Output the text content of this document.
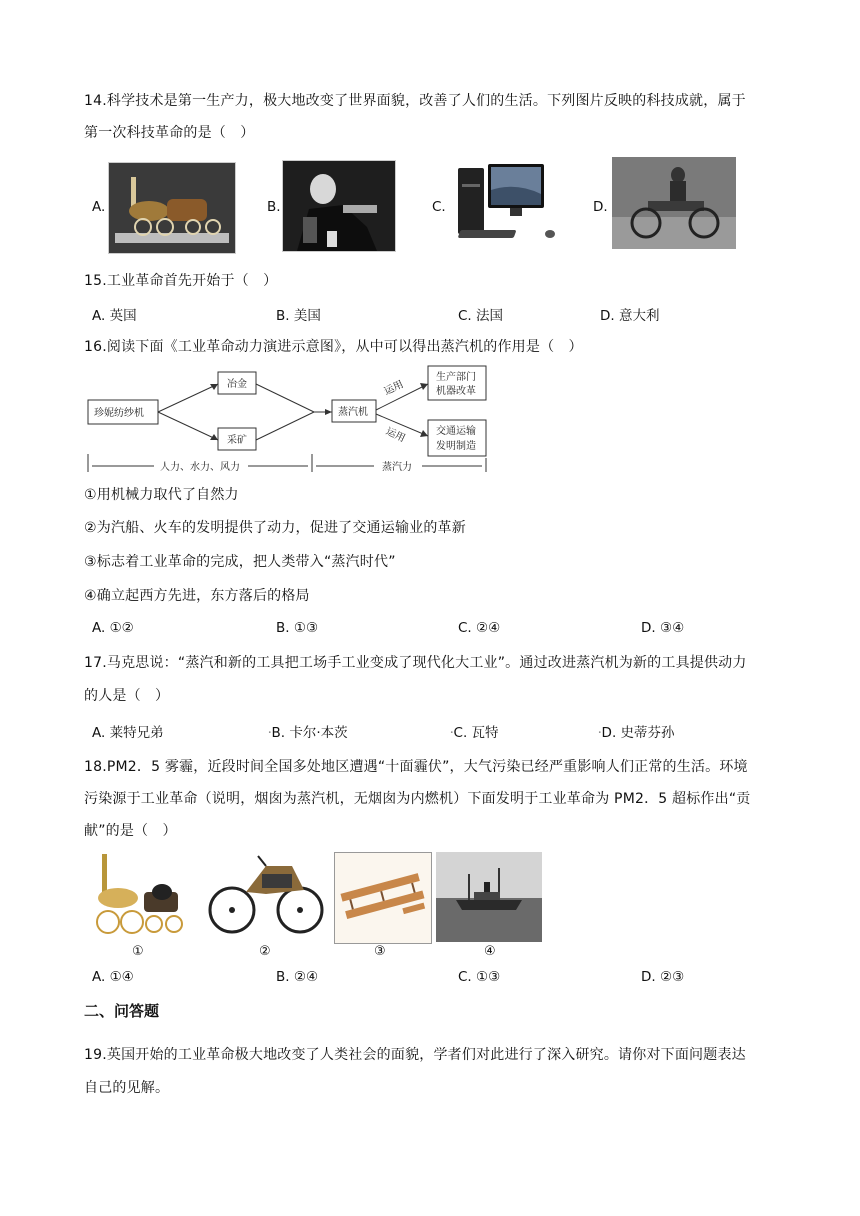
14.科学技术是第一生产力，极大地改变了世界面貌，改善了人们的生活。下列图片反映的科技成就，属于
第一次科技革命的是（　）
A.	B.	C.	D.
15.工业革命首先开始于（　）
A. 英国	B. 美国	C. 法国	D. 意大利
16.阅读下面《工业革命动力演进示意图》，从中可以得出蒸汽机的作用是（　）
珍妮纺纱机
冶金
采矿
蒸汽机
生产部门
机器改革
交通运输
发明制造
运用
运用
人力、水力、风力	蒸汽力
①用机械力取代了自然力
②为汽船、火车的发明提供了动力，促进了交通运输业的革新
③标志着工业革命的完成，把人类带入“蒸汽时代”
④确立起西方先进，东方落后的格局
A. ①②	B. ①③	C. ②④	D. ③④
17.马克思说：“蒸汽和新的工具把工场手工业变成了现代化大工业”。通过改进蒸汽机为新的工具提供动力
的人是（　）
A. 莱特兄弟	•B. 卡尔·本茨	•C. 瓦特	•D. 史蒂芬孙
18.PM2．5 雾霾，近段时间全国多处地区遭遇“十面霾伏”，大气污染已经严重影响人们正常的生活。环境
污染源于工业革命（说明，烟囱为蒸汽机，无烟囱为内燃机）下面发明于工业革命为 PM2．5 超标作出“贡
献”的是（　）
①	②	③	④
A. ①④	B. ②④	C. ①③	D. ②③
二、问答题
19.英国开始的工业革命极大地改变了人类社会的面貌，学者们对此进行了深入研究。请你对下面问题表达
自己的见解。
